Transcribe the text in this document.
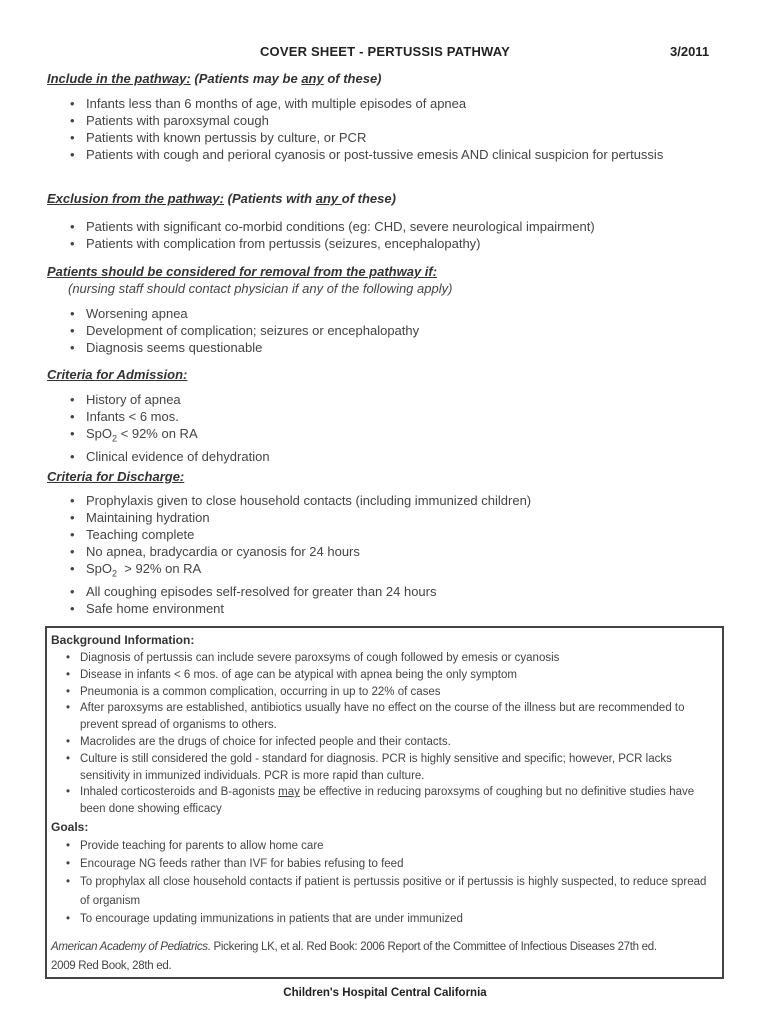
COVER SHEET - PERTUSSIS PATHWAY	3/2011
Include in the pathway: (Patients may be any of these)
• Infants less than 6 months of age, with multiple episodes of apnea
• Patients with paroxsymal cough
• Patients with known pertussis by culture, or PCR
• Patients with cough and perioral cyanosis or post-tussive emesis AND clinical suspicion for pertussis
Exclusion from the pathway: (Patients with any of these)
• Patients with significant co-morbid conditions (eg: CHD, severe neurological impairment)
• Patients with complication from pertussis (seizures, encephalopathy)
Patients should be considered for removal from the pathway if:
(nursing staff should contact physician if any of the following apply)
• Worsening apnea
• Development of complication; seizures or encephalopathy
• Diagnosis seems questionable
Criteria for Admission:
• History of apnea
• Infants < 6 mos.
• SpO$_2$ < 92% on RA
• Clinical evidence of dehydration
Criteria for Discharge:
• Prophylaxis given to close household contacts (including immunized children)
• Maintaining hydration
• Teaching complete
• No apnea, bradycardia or cyanosis for 24 hours
• SpO$_2$  > 92% on RA
• All coughing episodes self-resolved for greater than 24 hours
• Safe home environment
Background Information:
• Diagnosis of pertussis can include severe paroxsyms of cough followed by emesis or cyanosis
• Disease in infants < 6 mos. of age can be atypical with apnea being the only symptom
• Pneumonia is a common complication, occurring in up to 22% of cases
• After paroxsyms are established, antibiotics usually have no effect on the course of the illness but are recommended to prevent spread of organisms to others.
• Macrolides are the drugs of choice for infected people and their contacts.
• Culture is still considered the gold - standard for diagnosis. PCR is highly sensitive and specific; however, PCR lacks sensitivity in immunized individuals. PCR is more rapid than culture.
• Inhaled corticosteroids and B-agonists may be effective in reducing paroxsyms of coughing but no definitive studies have been done showing efficacy
Goals:
• Provide teaching for parents to allow home care
• Encourage NG feeds rather than IVF for babies refusing to feed
• To prophylax all close household contacts if patient is pertussis positive or if pertussis is highly suspected, to reduce spread of organism
• To encourage updating immunizations in patients that are under immunized
American Academy of Pediatrics. Pickering LK, et al. Red Book: 2006 Report of the Committee of Infectious Diseases 27th ed.
2009 Red Book, 28th ed.
Children's Hospital Central California
